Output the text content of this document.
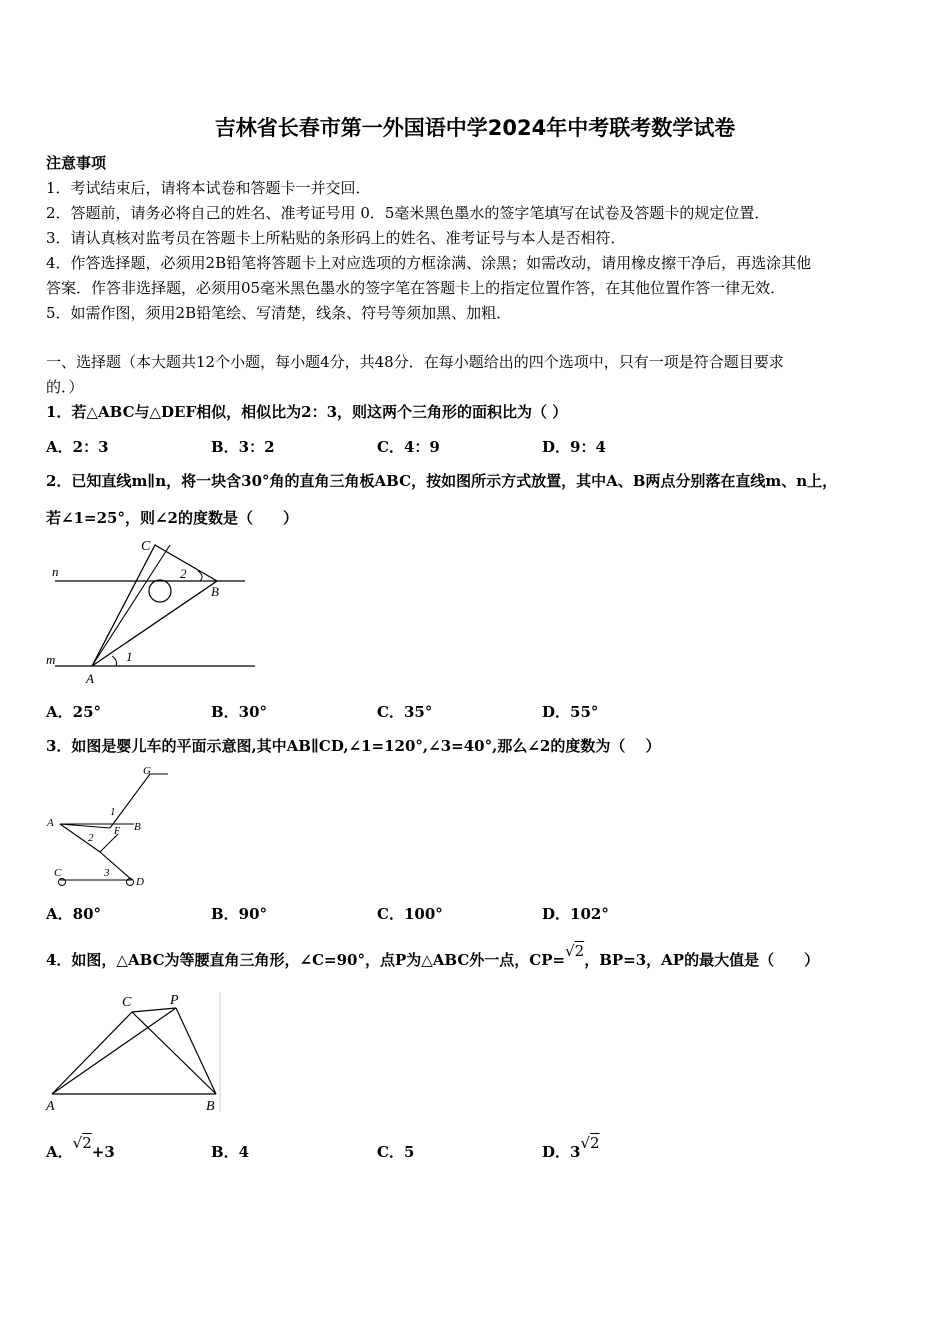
吉林省长春市第一外国语中学2024年中考联考数学试卷
注意事项
1．考试结束后，请将本试卷和答题卡一并交回．
2．答题前，请务必将自己的姓名、准考证号用 0．5毫米黑色墨水的签字笔填写在试卷及答题卡的规定位置．
3．请认真核对监考员在答题卡上所粘贴的条形码上的姓名、准考证号与本人是否相符．
4．作答选择题，必须用2B铅笔将答题卡上对应选项的方框涂满、涂黑；如需改动，请用橡皮擦干净后，再选涂其他
答案．作答非选择题，必须用05毫米黑色墨水的签字笔在答题卡上的指定位置作答，在其他位置作答一律无效．
5．如需作图，须用2B铅笔绘、写清楚，线条、符号等须加黑、加粗．
一、选择题（本大题共12个小题，每小题4分，共48分．在每小题给出的四个选项中，只有一项是符合题目要求
的．）
1．若△ABC与△DEF相似，相似比为2：3，则这两个三角形的面积比为（ ）
A．2：3	B．3：2	C．4：9	D．9：4
2．已知直线m∥n，将一块含30°角的直角三角板ABC，按如图所示方式放置，其中A、B两点分别落在直线m、n上，
若∠1=25°，则∠2的度数是（　　）
C
n	2
B
m	1
A
A．25°	B．30°	C．35°	D．55°
3．如图是婴儿车的平面示意图,其中AB∥CD,∠1=120°,∠3=40°,那么∠2的度数为（　 ）
G
1
A
2
F B
C	3
D
A．80°	B．90°	C．100°	D．102°
4．如图，△ABC为等腰直角三角形，∠C=90°，点P为△ABC外一点，CP=√2，BP=3，AP的最大值是（　　）
C	P
A	B
A．√2+3	B．4	C．5	D．3√2
